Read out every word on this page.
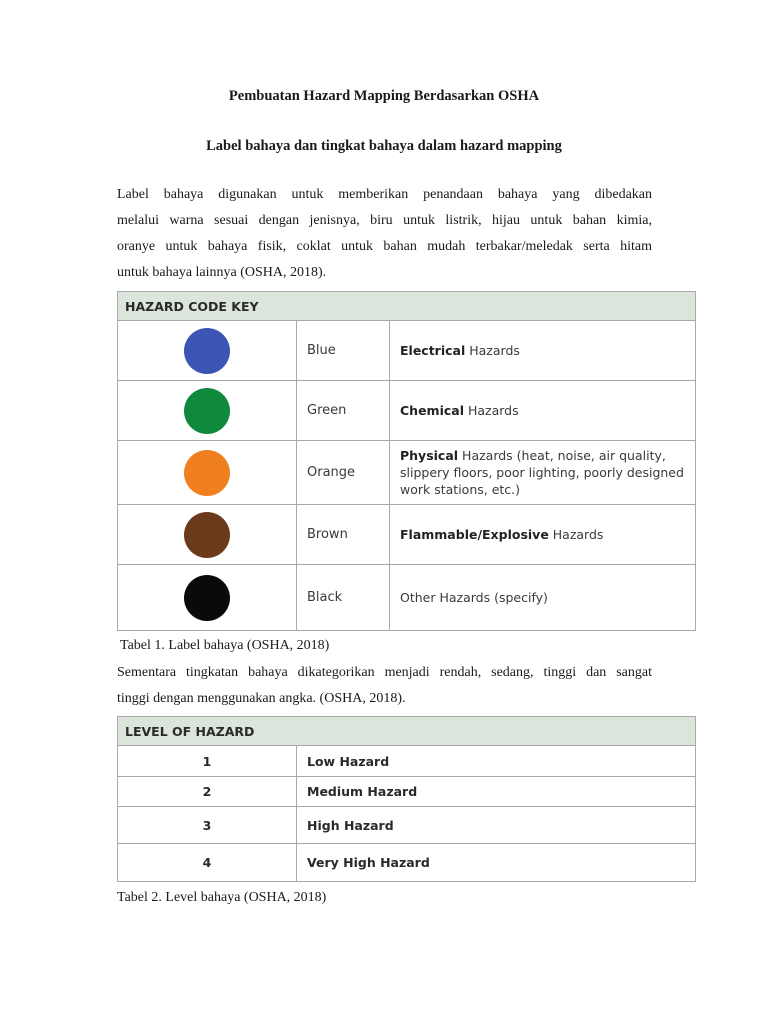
Pembuatan Hazard Mapping Berdasarkan OSHA
Label bahaya dan tingkat bahaya dalam hazard mapping
Label bahaya digunakan untuk memberikan penandaan bahaya yang dibedakan
melalui warna sesuai dengan jenisnya, biru untuk listrik, hijau untuk bahan kimia,
oranye untuk bahaya fisik, coklat untuk bahan mudah terbakar/meledak serta hitam
untuk bahaya lainnya (OSHA, 2018).
HAZARD CODE KEY		
	Blue	Electrical Hazards
	Green	Chemical Hazards
	Orange	Physical Hazards (heat, noise, air quality, slippery floors, poor lighting, poorly designed work stations, etc.)
	Brown	Flammable/Explosive Hazards
	Black	Other Hazards (specify)
Tabel 1. Label bahaya (OSHA, 2018)
Sementara tingkatan bahaya dikategorikan menjadi rendah, sedang, tinggi dan sangat
tinggi dengan menggunakan angka. (OSHA, 2018).
LEVEL OF HAZARD	
1	Low Hazard
2	Medium Hazard
3	High Hazard
4	Very High Hazard
Tabel 2. Level bahaya (OSHA, 2018)
